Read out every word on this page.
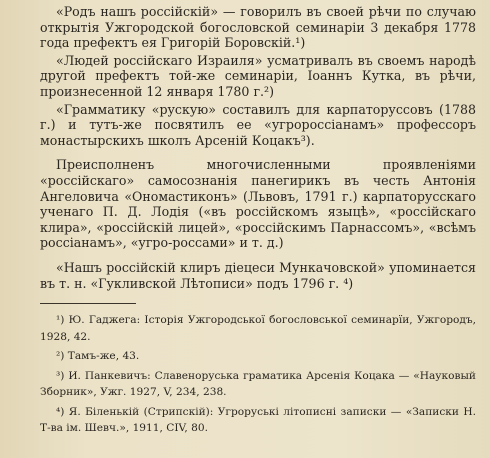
«Родъ нашъ россійскій» — говорилъ въ своей рѣчи по случаю открытія Ужгородской богословской семинаріи 3 декабря 1778 года префектъ ея Григорій Боровскій.¹)

«Людей россійскаго Израиля» усматривалъ въ своемъ народѣ другой префектъ той-же семинаріи, Іоаннъ Кутка, въ рѣчи, произнесенной 12 января 1780 г.²)

«Грамматику «рускую» составилъ для карпаторуссовъ (1788 г.) и тутъ-же посвятилъ ее «угророссіанамъ» профессоръ монастырскихъ школъ Арсеній Коцакъ³).

Преисполненъ многочисленными проявленіями «россійскаго» самосознанія панегирикъ въ честь Антонія Ангеловича «Ономастиконъ» (Львовъ, 1791 г.) карпаторусскаго ученаго П. Д. Лодія («въ россійскомъ языцѣ», «россійскаго клира», «россійскій лицей», «россійскимъ Парнассомъ», «всѣмъ россіанамъ», «угро-россами» и т. д.)

«Нашъ россійскій клиръ діецеси Мункачовской» упоминается въ т. н. «Гукливской Лѣтописи» подъ 1796 г. ⁴)

¹) Ю. Гаджега: Історія Ужгородської богословської семинарїи, Ужгородъ, 1928, 42.

²) Тамъ-же, 43.

³) И. Панкевичъ: Славеноруська граматика Арсенія Коцака — «Науковый Зборник», Ужг. 1927, V, 234, 238.

⁴) Я. Біленькій (Стрипскій): Угроруські літописні записки — «Записки Н. Т-ва ім. Шевч.», 1911, CIV, 80.
